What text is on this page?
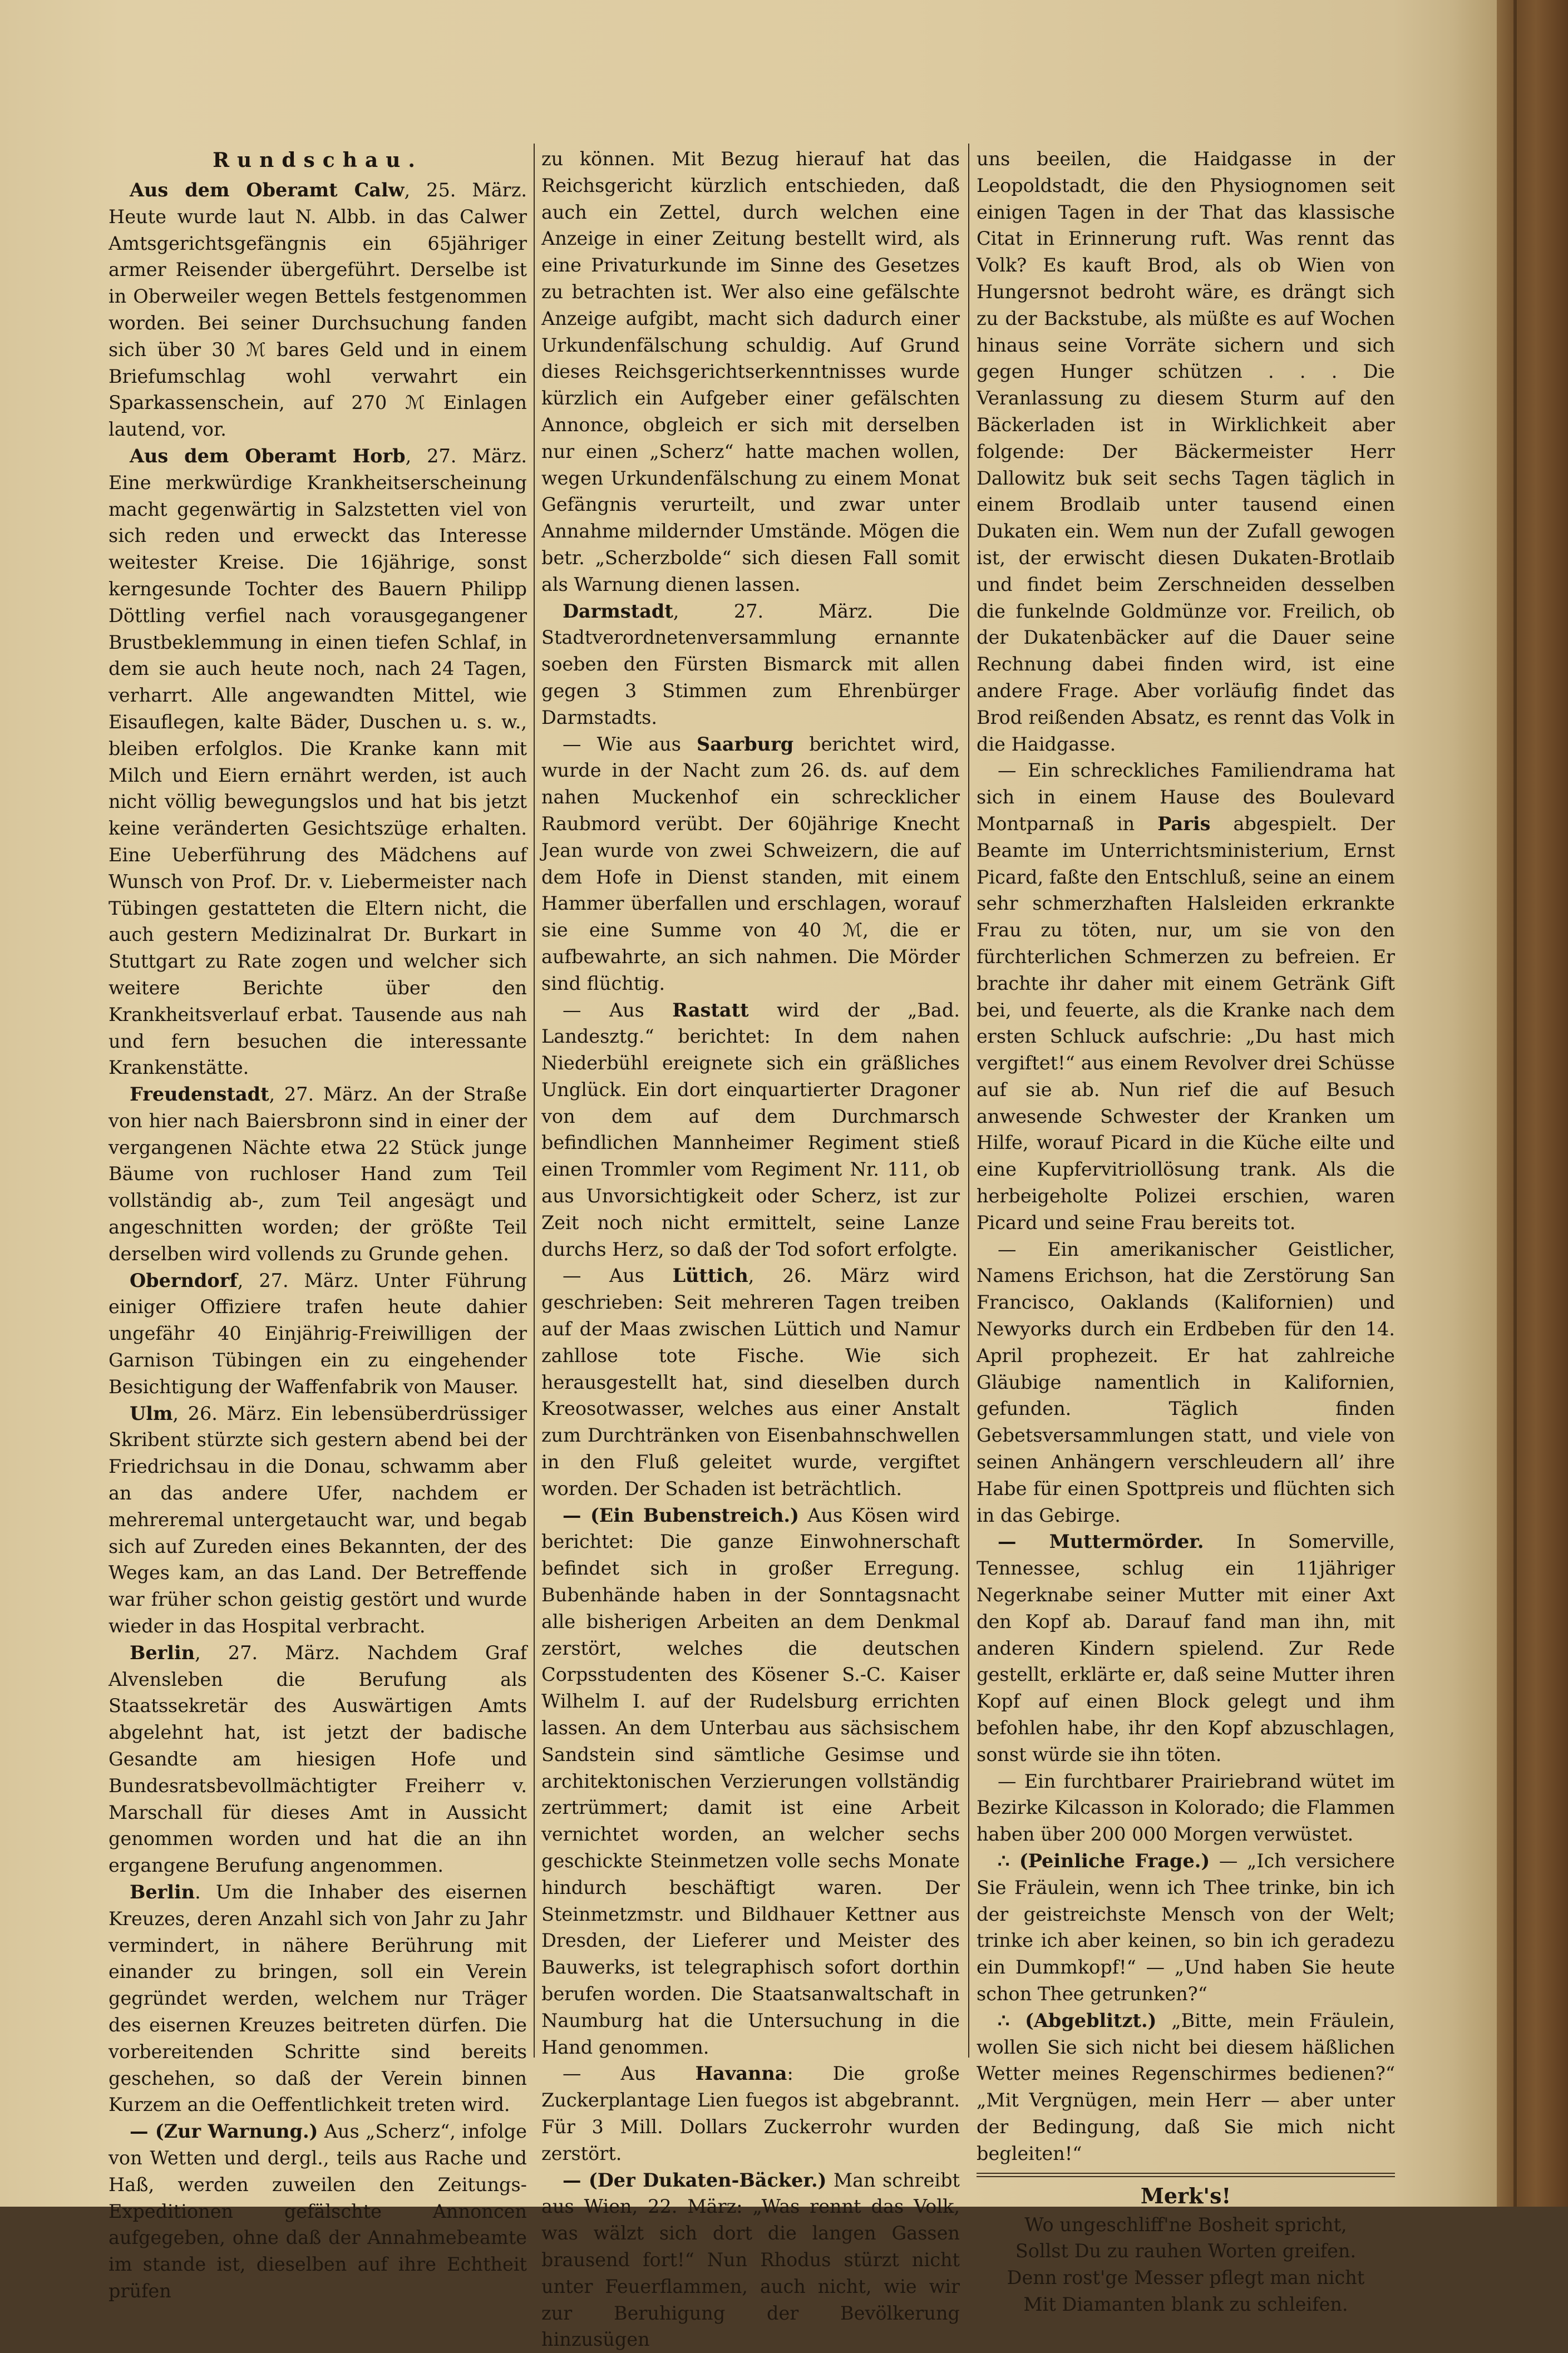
Rundschau.

Aus dem Oberamt Calw, 25. März. Heute wurde laut N. Albb. in das Calwer Amtsgerichtsgefängnis ein 65jähriger armer Reisender übergeführt. Derselbe ist in Oberweiler wegen Bettels festgenommen worden. Bei seiner Durchsuchung fanden sich über 30 ℳ bares Geld und in einem Briefumschlag wohl verwahrt ein Sparkassenschein, auf 270 ℳ Einlagen lautend, vor.

Aus dem Oberamt Horb, 27. März. Eine merkwürdige Krankheitserscheinung macht gegenwärtig in Salzstetten viel von sich reden und erweckt das Interesse weitester Kreise. Die 16jährige, sonst kerngesunde Tochter des Bauern Philipp Döttling verfiel nach vorausgegangener Brustbeklemmung in einen tiefen Schlaf, in dem sie auch heute noch, nach 24 Tagen, verharrt. Alle angewandten Mittel, wie Eisauflegen, kalte Bäder, Duschen u. s. w., bleiben erfolglos. Die Kranke kann mit Milch und Eiern ernährt werden, ist auch nicht völlig bewegungslos und hat bis jetzt keine veränderten Gesichtszüge erhalten. Eine Ueberführung des Mädchens auf Wunsch von Prof. Dr. v. Liebermeister nach Tübingen gestatteten die Eltern nicht, die auch gestern Medizinalrat Dr. Burkart in Stuttgart zu Rate zogen und welcher sich weitere Berichte über den Krankheitsverlauf erbat. Tausende aus nah und fern besuchen die interessante Krankenstätte.

Freudenstadt, 27. März. An der Straße von hier nach Baiersbronn sind in einer der vergangenen Nächte etwa 22 Stück junge Bäume von ruchloser Hand zum Teil vollständig ab-, zum Teil angesägt und angeschnitten worden; der größte Teil derselben wird vollends zu Grunde gehen.

Oberndorf, 27. März. Unter Führung einiger Offiziere trafen heute dahier ungefähr 40 Einjährig-Freiwilligen der Garnison Tübingen ein zu eingehender Besichtigung der Waffenfabrik von Mauser.

Ulm, 26. März. Ein lebensüberdrüssiger Skribent stürzte sich gestern abend bei der Friedrichsau in die Donau, schwamm aber an das andere Ufer, nachdem er mehreremal untergetaucht war, und begab sich auf Zureden eines Bekannten, der des Weges kam, an das Land. Der Betreffende war früher schon geistig gestört und wurde wieder in das Hospital verbracht.

Berlin, 27. März. Nachdem Graf Alvensleben die Berufung als Staatssekretär des Auswärtigen Amts abgelehnt hat, ist jetzt der badische Gesandte am hiesigen Hofe und Bundesratsbevollmächtigter Freiherr v. Marschall für dieses Amt in Aussicht genommen worden und hat die an ihn ergangene Berufung angenommen.

Berlin. Um die Inhaber des eisernen Kreuzes, deren Anzahl sich von Jahr zu Jahr vermindert, in nähere Berührung mit einander zu bringen, soll ein Verein gegründet werden, welchem nur Träger des eisernen Kreuzes beitreten dürfen. Die vorbereitenden Schritte sind bereits geschehen, so daß der Verein binnen Kurzem an die Oeffentlichkeit treten wird.

— (Zur Warnung.) Aus „Scherz“, infolge von Wetten und dergl., teils aus Rache und Haß, werden zuweilen den Zeitungs-Expeditionen gefälschte Annoncen aufgegeben, ohne daß der Annahmebeamte im stande ist, dieselben auf ihre Echtheit prüfen

zu können. Mit Bezug hierauf hat das Reichsgericht kürzlich entschieden, daß auch ein Zettel, durch welchen eine Anzeige in einer Zeitung bestellt wird, als eine Privaturkunde im Sinne des Gesetzes zu betrachten ist. Wer also eine gefälschte Anzeige aufgibt, macht sich dadurch einer Urkundenfälschung schuldig. Auf Grund dieses Reichsgerichtserkenntnisses wurde kürzlich ein Aufgeber einer gefälschten Annonce, obgleich er sich mit derselben nur einen „Scherz“ hatte machen wollen, wegen Urkundenfälschung zu einem Monat Gefängnis verurteilt, und zwar unter Annahme mildernder Umstände. Mögen die betr. „Scherzbolde“ sich diesen Fall somit als Warnung dienen lassen.

Darmstadt, 27. März. Die Stadtverordnetenversammlung ernannte soeben den Fürsten Bismarck mit allen gegen 3 Stimmen zum Ehrenbürger Darmstadts.

— Wie aus Saarburg berichtet wird, wurde in der Nacht zum 26. ds. auf dem nahen Muckenhof ein schrecklicher Raubmord verübt. Der 60jährige Knecht Jean wurde von zwei Schweizern, die auf dem Hofe in Dienst standen, mit einem Hammer überfallen und erschlagen, worauf sie eine Summe von 40 ℳ, die er aufbewahrte, an sich nahmen. Die Mörder sind flüchtig.

— Aus Rastatt wird der „Bad. Landesztg.“ berichtet: In dem nahen Niederbühl ereignete sich ein gräßliches Unglück. Ein dort einquartierter Dragoner von dem auf dem Durchmarsch befindlichen Mannheimer Regiment stieß einen Trommler vom Regiment Nr. 111, ob aus Unvorsichtigkeit oder Scherz, ist zur Zeit noch nicht ermittelt, seine Lanze durchs Herz, so daß der Tod sofort erfolgte.

— Aus Lüttich, 26. März wird geschrieben: Seit mehreren Tagen treiben auf der Maas zwischen Lüttich und Namur zahllose tote Fische. Wie sich herausgestellt hat, sind dieselben durch Kreosotwasser, welches aus einer Anstalt zum Durchtränken von Eisenbahnschwellen in den Fluß geleitet wurde, vergiftet worden. Der Schaden ist beträchtlich.

— (Ein Bubenstreich.) Aus Kösen wird berichtet: Die ganze Einwohnerschaft befindet sich in großer Erregung. Bubenhände haben in der Sonntagsnacht alle bisherigen Arbeiten an dem Denkmal zerstört, welches die deutschen Corpsstudenten des Kösener S.-C. Kaiser Wilhelm I. auf der Rudelsburg errichten lassen. An dem Unterbau aus sächsischem Sandstein sind sämtliche Gesimse und architektonischen Verzierungen vollständig zertrümmert; damit ist eine Arbeit vernichtet worden, an welcher sechs geschickte Steinmetzen volle sechs Monate hindurch beschäftigt waren. Der Steinmetzmstr. und Bildhauer Kettner aus Dresden, der Lieferer und Meister des Bauwerks, ist telegraphisch sofort dorthin berufen worden. Die Staatsanwaltschaft in Naumburg hat die Untersuchung in die Hand genommen.

— Aus Havanna: Die große Zuckerplantage Lien fuegos ist abgebrannt. Für 3 Mill. Dollars Zuckerrohr wurden zerstört.

— (Der Dukaten-Bäcker.) Man schreibt aus Wien, 22. März: „Was rennt das Volk, was wälzt sich dort die langen Gassen brausend fort!“ Nun Rhodus stürzt nicht unter Feuerflammen, auch nicht, wie wir zur Beruhigung der Bevölkerung hinzusügen

uns beeilen, die Haidgasse in der Leopoldstadt, die den Physiognomen seit einigen Tagen in der That das klassische Citat in Erinnerung ruft. Was rennt das Volk? Es kauft Brod, als ob Wien von Hungersnot bedroht wäre, es drängt sich zu der Backstube, als müßte es auf Wochen hinaus seine Vorräte sichern und sich gegen Hunger schützen . . . Die Veranlassung zu diesem Sturm auf den Bäckerladen ist in Wirklichkeit aber folgende: Der Bäckermeister Herr Dallowitz buk seit sechs Tagen täglich in einem Brodlaib unter tausend einen Dukaten ein. Wem nun der Zufall gewogen ist, der erwischt diesen Dukaten-Brotlaib und findet beim Zerschneiden desselben die funkelnde Goldmünze vor. Freilich, ob der Dukatenbäcker auf die Dauer seine Rechnung dabei finden wird, ist eine andere Frage. Aber vorläufig findet das Brod reißenden Absatz, es rennt das Volk in die Haidgasse.

— Ein schreckliches Familiendrama hat sich in einem Hause des Boulevard Montparnaß in Paris abgespielt. Der Beamte im Unterrichtsministerium, Ernst Picard, faßte den Entschluß, seine an einem sehr schmerzhaften Halsleiden erkrankte Frau zu töten, nur, um sie von den fürchterlichen Schmerzen zu befreien. Er brachte ihr daher mit einem Getränk Gift bei, und feuerte, als die Kranke nach dem ersten Schluck aufschrie: „Du hast mich vergiftet!“ aus einem Revolver drei Schüsse auf sie ab. Nun rief die auf Besuch anwesende Schwester der Kranken um Hilfe, worauf Picard in die Küche eilte und eine Kupfervitriollösung trank. Als die herbeigeholte Polizei erschien, waren Picard und seine Frau bereits tot.

— Ein amerikanischer Geistlicher, Namens Erichson, hat die Zerstörung San Francisco, Oaklands (Kalifornien) und Newyorks durch ein Erdbeben für den 14. April prophezeit. Er hat zahlreiche Gläubige namentlich in Kalifornien, gefunden. Täglich finden Gebetsversammlungen statt, und viele von seinen Anhängern verschleudern all’ ihre Habe für einen Spottpreis und flüchten sich in das Gebirge.

— Muttermörder. In Somerville, Tennessee, schlug ein 11jähriger Negerknabe seiner Mutter mit einer Axt den Kopf ab. Darauf fand man ihn, mit anderen Kindern spielend. Zur Rede gestellt, erklärte er, daß seine Mutter ihren Kopf auf einen Block gelegt und ihm befohlen habe, ihr den Kopf abzuschlagen, sonst würde sie ihn töten.

— Ein furchtbarer Prairiebrand wütet im Bezirke Kilcasson in Kolorado; die Flammen haben über 200 000 Morgen verwüstet.

∴ (Peinliche Frage.) — „Ich versichere Sie Fräulein, wenn ich Thee trinke, bin ich der geistreichste Mensch von der Welt; trinke ich aber keinen, so bin ich geradezu ein Dummkopf!“ — „Und haben Sie heute schon Thee getrunken?“

∴ (Abgeblitzt.) „Bitte, mein Fräulein, wollen Sie sich nicht bei diesem häßlichen Wetter meines Regenschirmes bedienen?“ „Mit Vergnügen, mein Herr — aber unter der Bedingung, daß Sie mich nicht begleiten!“

Merk's!

Wo ungeschliff'ne Bosheit spricht,

Sollst Du zu rauhen Worten greifen.

Denn rost'ge Messer pflegt man nicht

Mit Diamanten blank zu schleifen.
